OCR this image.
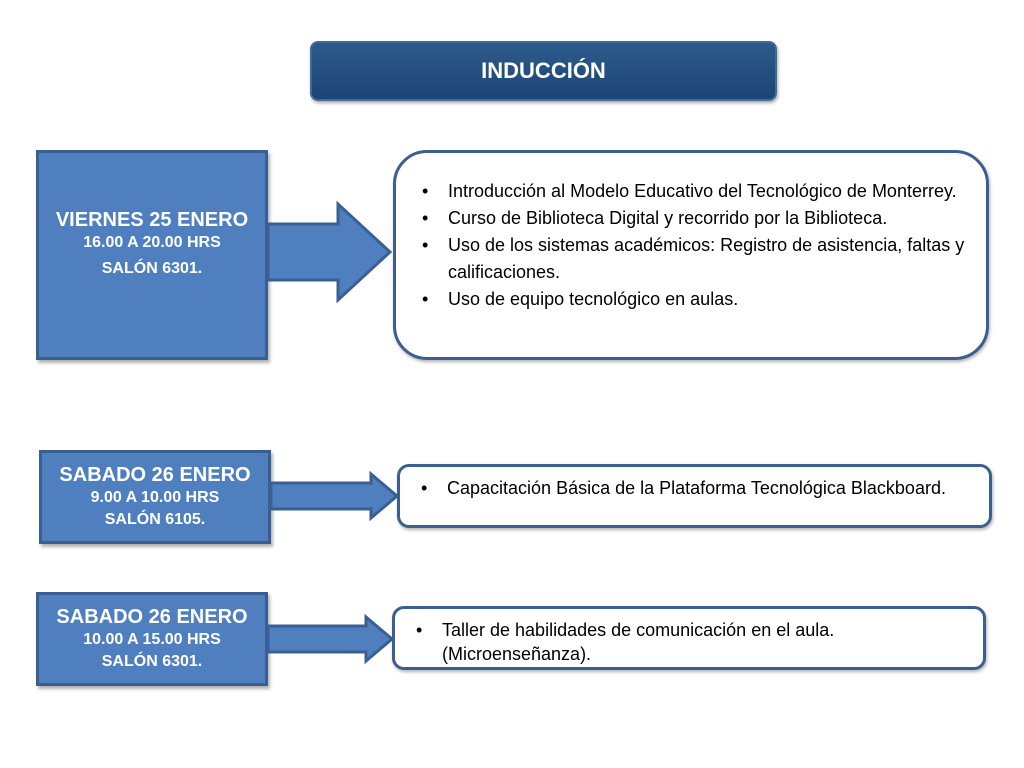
INDUCCIÓN
VIERNES 25 ENERO
16.00 A 20.00 HRS
SALÓN 6301.
• Introducción al Modelo Educativo del Tecnológico de Monterrey.
• Curso de Biblioteca Digital y recorrido por la Biblioteca.
• Uso de los sistemas académicos: Registro de asistencia, faltas y calificaciones.
• Uso de equipo tecnológico en aulas.
SABADO 26 ENERO
9.00 A 10.00 HRS
SALÓN 6105.
• Capacitación Básica de la Plataforma Tecnológica Blackboard.
SABADO 26 ENERO
10.00 A 15.00 HRS
SALÓN 6301.
• Taller de habilidades de comunicación en el aula. (Microenseñanza).
